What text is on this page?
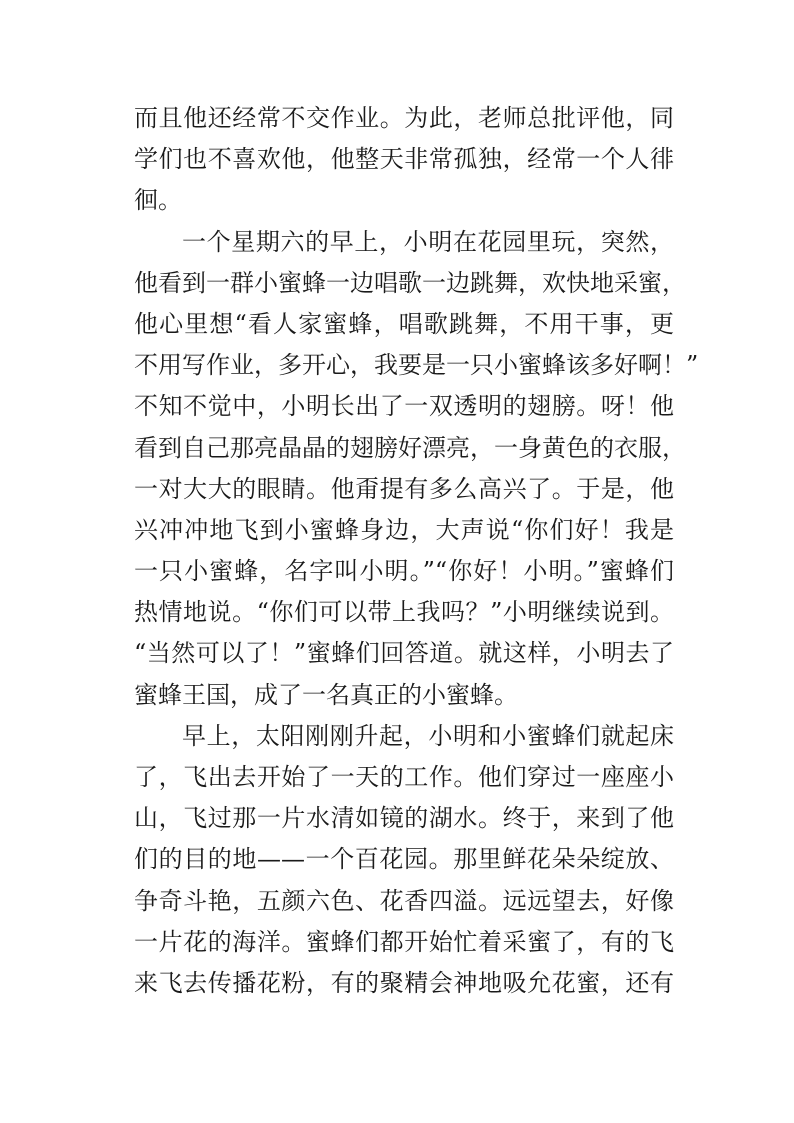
而且他还经常不交作业。为此，老师总批评他，同
学们也不喜欢他，他整天非常孤独，经常一个人徘
徊。
一个星期六的早上，小明在花园里玩，突然，
他看到一群小蜜蜂一边唱歌一边跳舞，欢快地采蜜，
他心里想“看人家蜜蜂，唱歌跳舞，不用干事，更
不用写作业，多开心，我要是一只小蜜蜂该多好啊！”
不知不觉中，小明长出了一双透明的翅膀。呀！他
看到自己那亮晶晶的翅膀好漂亮，一身黄色的衣服，
一对大大的眼睛。他甭提有多么高兴了。于是，他
兴冲冲地飞到小蜜蜂身边，大声说“你们好！我是
一只小蜜蜂，名字叫小明。”“你好！小明。”蜜蜂们
热情地说。“你们可以带上我吗？”小明继续说到。
“当然可以了！”蜜蜂们回答道。就这样，小明去了
蜜蜂王国，成了一名真正的小蜜蜂。
早上，太阳刚刚升起，小明和小蜜蜂们就起床
了，飞出去开始了一天的工作。他们穿过一座座小
山，飞过那一片水清如镜的湖水。终于，来到了他
们的目的地——一个百花园。那里鲜花朵朵绽放、
争奇斗艳，五颜六色、花香四溢。远远望去，好像
一片花的海洋。蜜蜂们都开始忙着采蜜了，有的飞
来飞去传播花粉，有的聚精会神地吸允花蜜，还有
